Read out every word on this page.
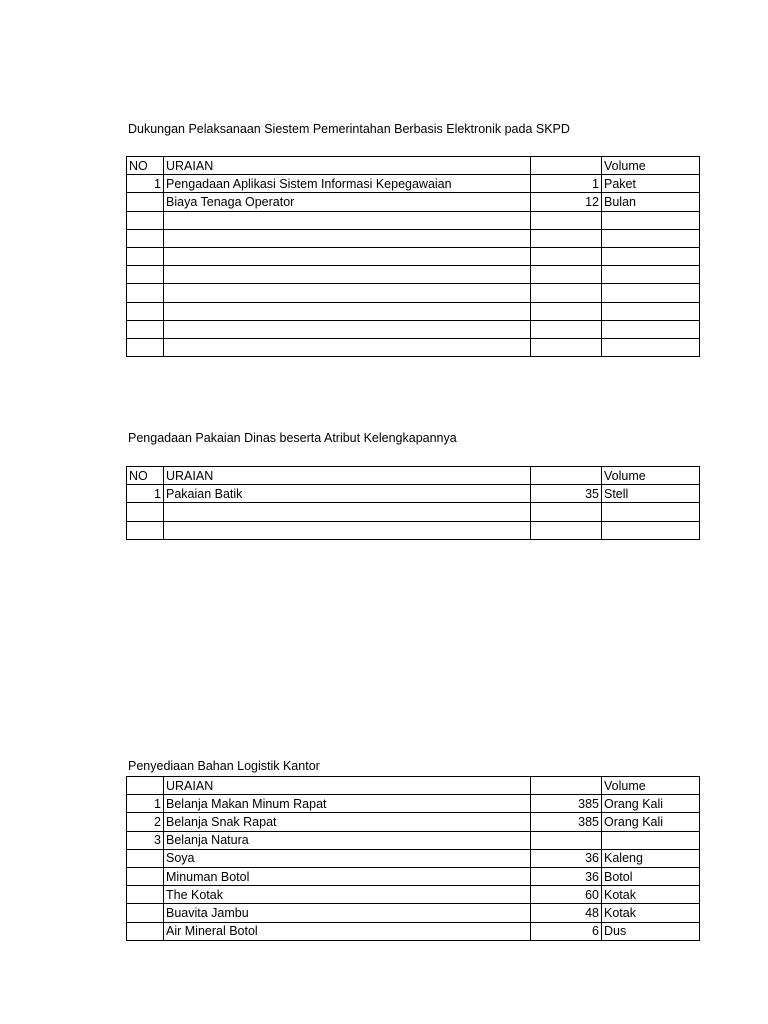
Dukungan Pelaksanaan Siestem Pemerintahan Berbasis Elektronik pada SKPD
NO	URAIAN		Volume
1	Pengadaan Aplikasi Sistem Informasi Kepegawaian	1	Paket
	Biaya Tenaga Operator	12	Bulan

Pengadaan Pakaian Dinas beserta Atribut Kelengkapannya
NO	URAIAN		Volume
1	Pakaian Batik	35	Stell

Penyediaan Bahan Logistik Kantor
	URAIAN		Volume
1	Belanja Makan Minum Rapat	385	Orang Kali
2	Belanja Snak Rapat	385	Orang Kali
3	Belanja Natura		
	Soya	36	Kaleng
	Minuman Botol	36	Botol
	The Kotak	60	Kotak
	Buavita Jambu	48	Kotak
	Air Mineral Botol	6	Dus
